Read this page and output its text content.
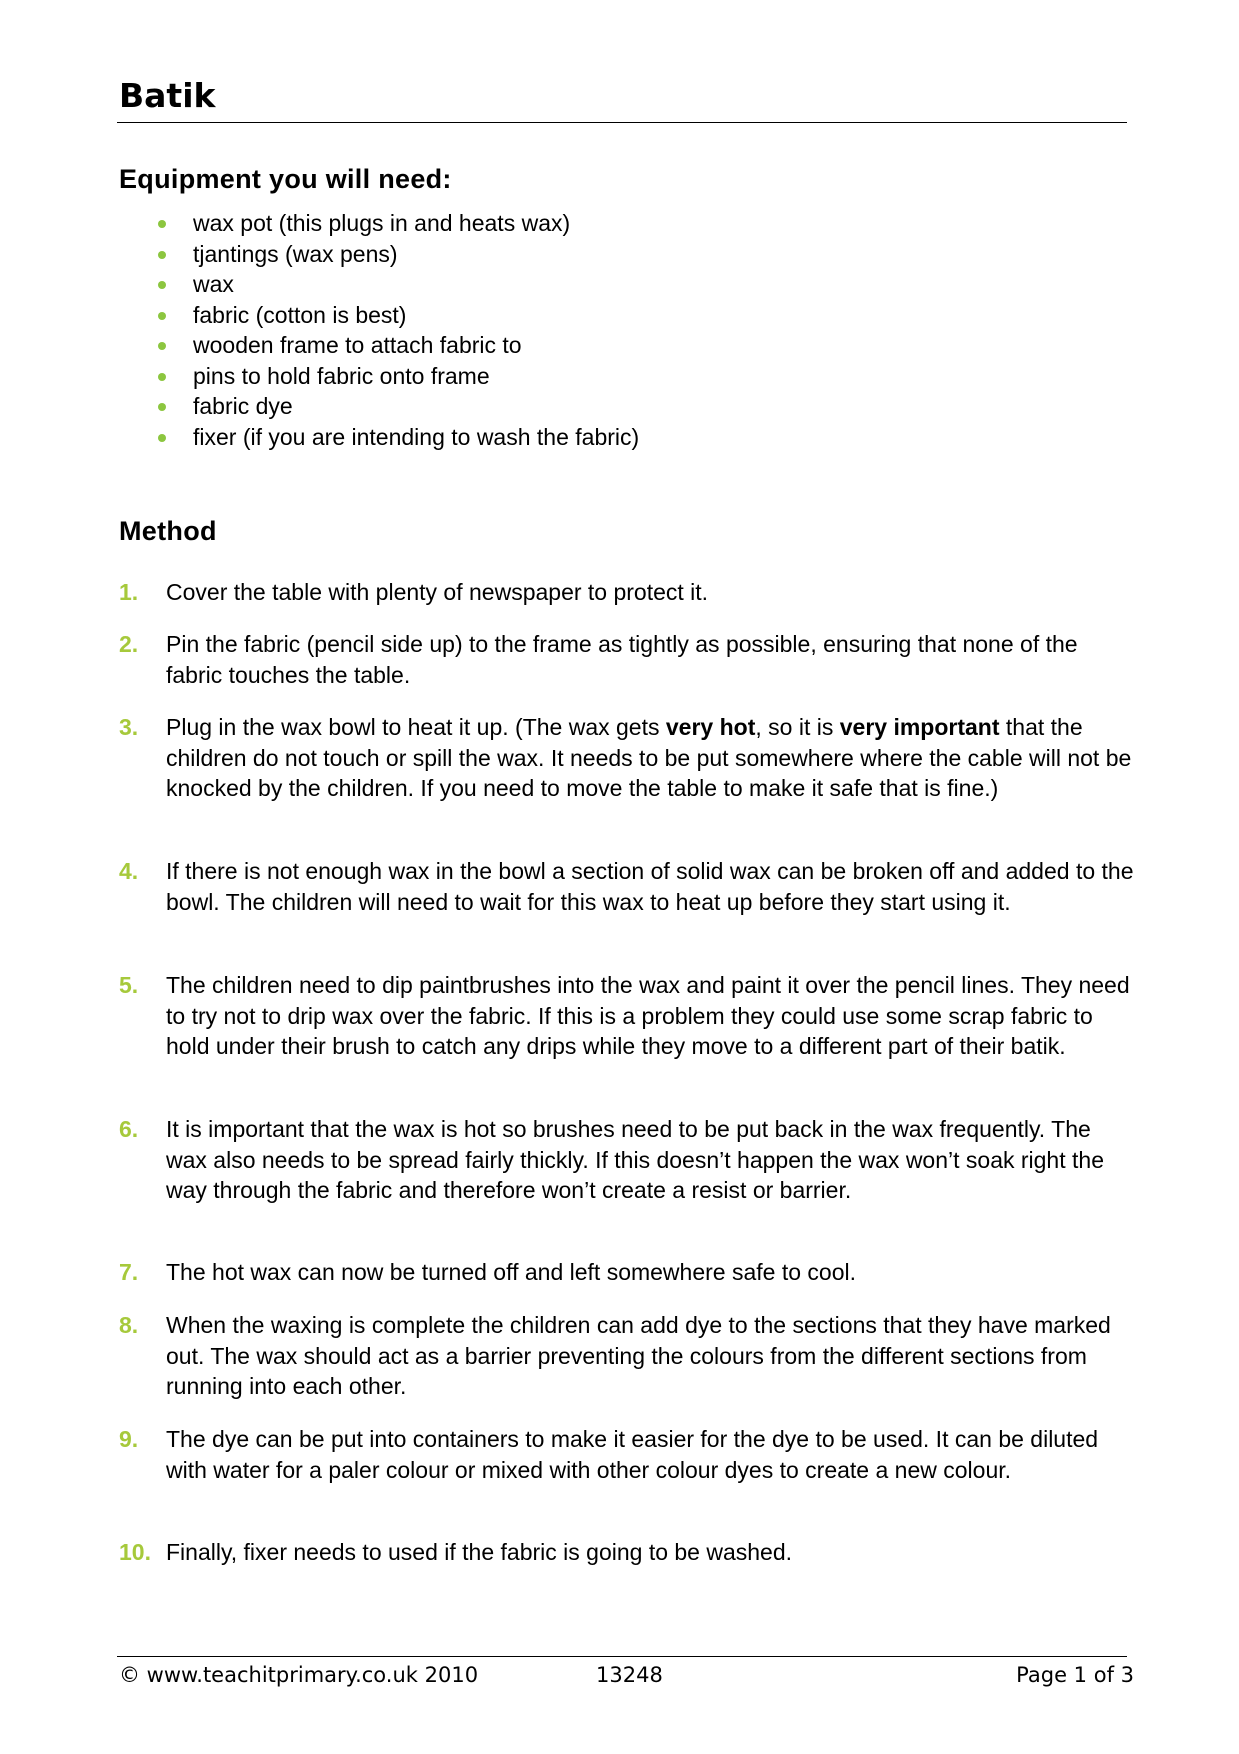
Batik
Equipment you will need:
wax pot (this plugs in and heats wax)
tjantings (wax pens)
wax
fabric (cotton is best)
wooden frame to attach fabric to
pins to hold fabric onto frame
fabric dye
fixer (if you are intending to wash the fabric)
Method
1. Cover the table with plenty of newspaper to protect it.

2. Pin the fabric (pencil side up) to the frame as tightly as possible, ensuring that none of the fabric touches the table.

3. Plug in the wax bowl to heat it up. (The wax gets very hot, so it is very important that the children do not touch or spill the wax. It needs to be put somewhere where the cable will not be knocked by the children. If you need to move the table to make it safe that is fine.)

4. If there is not enough wax in the bowl a section of solid wax can be broken off and added to the bowl. The children will need to wait for this wax to heat up before they start using it.

5. The children need to dip paintbrushes into the wax and paint it over the pencil lines. They need to try not to drip wax over the fabric. If this is a problem they could use some scrap fabric to hold under their brush to catch any drips while they move to a different part of their batik.

6. It is important that the wax is hot so brushes need to be put back in the wax frequently. The wax also needs to be spread fairly thickly. If this doesn’t happen the wax won’t soak right the way through the fabric and therefore won’t create a resist or barrier.

7. The hot wax can now be turned off and left somewhere safe to cool.

8. When the waxing is complete the children can add dye to the sections that they have marked out. The wax should act as a barrier preventing the colours from the different sections from running into each other.

9. The dye can be put into containers to make it easier for the dye to be used. It can be diluted with water for a paler colour or mixed with other colour dyes to create a new colour.

10. Finally, fixer needs to used if the fabric is going to be washed.

© www.teachitprimary.co.uk 2010	13248	Page 1 of 3
